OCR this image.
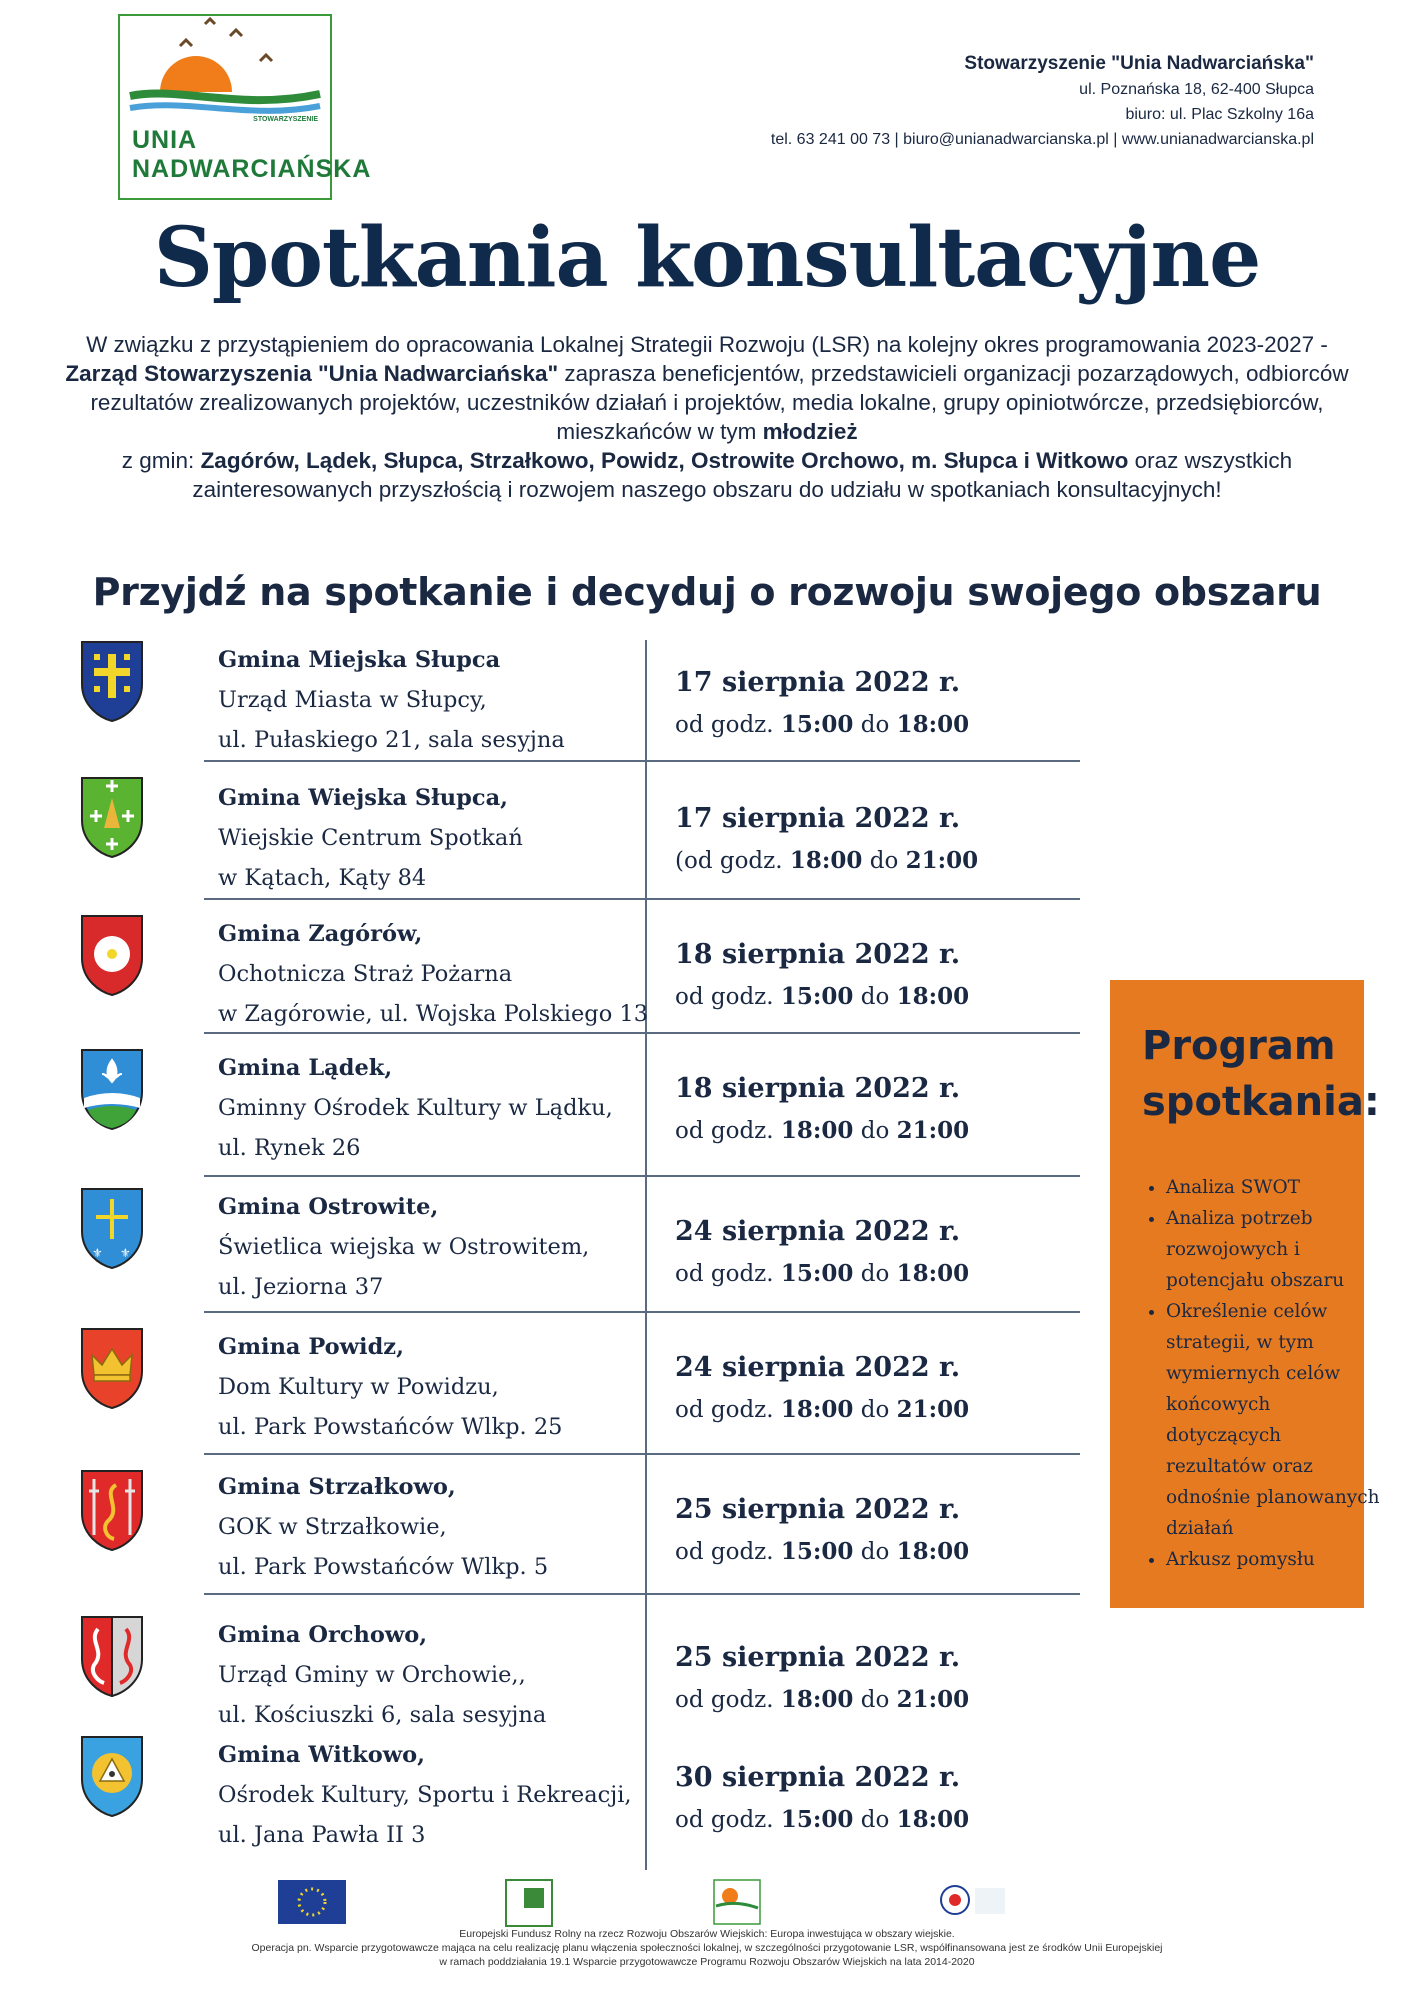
STOWARZYSZENIE
UNIA
NADWARCIAŃSKA
Stowarzyszenie "Unia Nadwarciańska"
ul. Poznańska 18, 62-400 Słupca
biuro: ul. Plac Szkolny 16a
tel. 63 241 00 73 | biuro@unianadwarcianska.pl | www.unianadwarcianska.pl
Spotkania konsultacyjne
W związku z przystąpieniem do opracowania Lokalnej Strategii Rozwoju (LSR) na kolejny okres programowania 2023-2027 - Zarząd Stowarzyszenia "Unia Nadwarciańska" zaprasza beneficjentów, przedstawicieli organizacji pozarządowych, odbiorców rezultatów zrealizowanych projektów, uczestników działań i projektów, media lokalne, grupy opiniotwórcze, przedsiębiorców, mieszkańców w tym młodzież
z gmin: Zagórów, Lądek, Słupca, Strzałkowo, Powidz, Ostrowite Orchowo, m. Słupca i Witkowo oraz wszystkich zainteresowanych przyszłością i rozwojem naszego obszaru do udziału w spotkaniach konsultacyjnych!
Przyjdź na spotkanie i decyduj o rozwoju swojego obszaru
Gmina Miejska Słupca
Urząd Miasta w Słupcy,
ul. Pułaskiego 21, sala sesyjna
17 sierpnia 2022 r.
od godz. 15:00 do 18:00
Gmina Wiejska Słupca,
Wiejskie Centrum Spotkań
w Kątach, Kąty 84
17 sierpnia 2022 r.
(od godz. 18:00 do 21:00
Gmina Zagórów,
Ochotnicza Straż Pożarna
w Zagórowie, ul. Wojska Polskiego 13
18 sierpnia 2022 r.
od godz. 15:00 do 18:00
Gmina Lądek,
Gminny Ośrodek Kultury w Lądku,
ul. Rynek 26
18 sierpnia 2022 r.
od godz. 18:00 do 21:00
⚜ ⚜
Gmina Ostrowite,
Świetlica wiejska w Ostrowitem,
ul. Jeziorna 37
24 sierpnia 2022 r.
od godz. 15:00 do 18:00
Gmina Powidz,
Dom Kultury w Powidzu,
ul. Park Powstańców Wlkp. 25
24 sierpnia 2022 r.
od godz. 18:00 do 21:00
Gmina Strzałkowo,
GOK w Strzałkowie,
ul. Park Powstańców Wlkp. 5
25 sierpnia 2022 r.
od godz. 15:00 do 18:00
Gmina Orchowo,
Urząd Gminy w Orchowie,,
ul. Kościuszki 6, sala sesyjna
25 sierpnia 2022 r.
od godz. 18:00 do 21:00
Gmina Witkowo,
Ośrodek Kultury, Sportu i Rekreacji,
ul. Jana Pawła II 3
30 sierpnia 2022 r.
od godz. 15:00 do 18:00
Program
spotkania:
• Analiza SWOT
• Analiza potrzeb rozwojowych i potencjału obszaru
• Określenie celów strategii, w tym wymiernych celów końcowych dotyczących rezultatów oraz odnośnie planowanych działań
• Arkusz pomysłu
Europejski Fundusz Rolny na rzecz Rozwoju Obszarów Wiejskich: Europa inwestująca w obszary wiejskie.
Operacja pn. Wsparcie przygotowawcze mająca na celu realizację planu włączenia społeczności lokalnej, w szczególności przygotowanie LSR, współfinansowana jest ze środków Unii Europejskiej
w ramach poddziałania 19.1 Wsparcie przygotowawcze Programu Rozwoju Obszarów Wiejskich na lata 2014-2020
